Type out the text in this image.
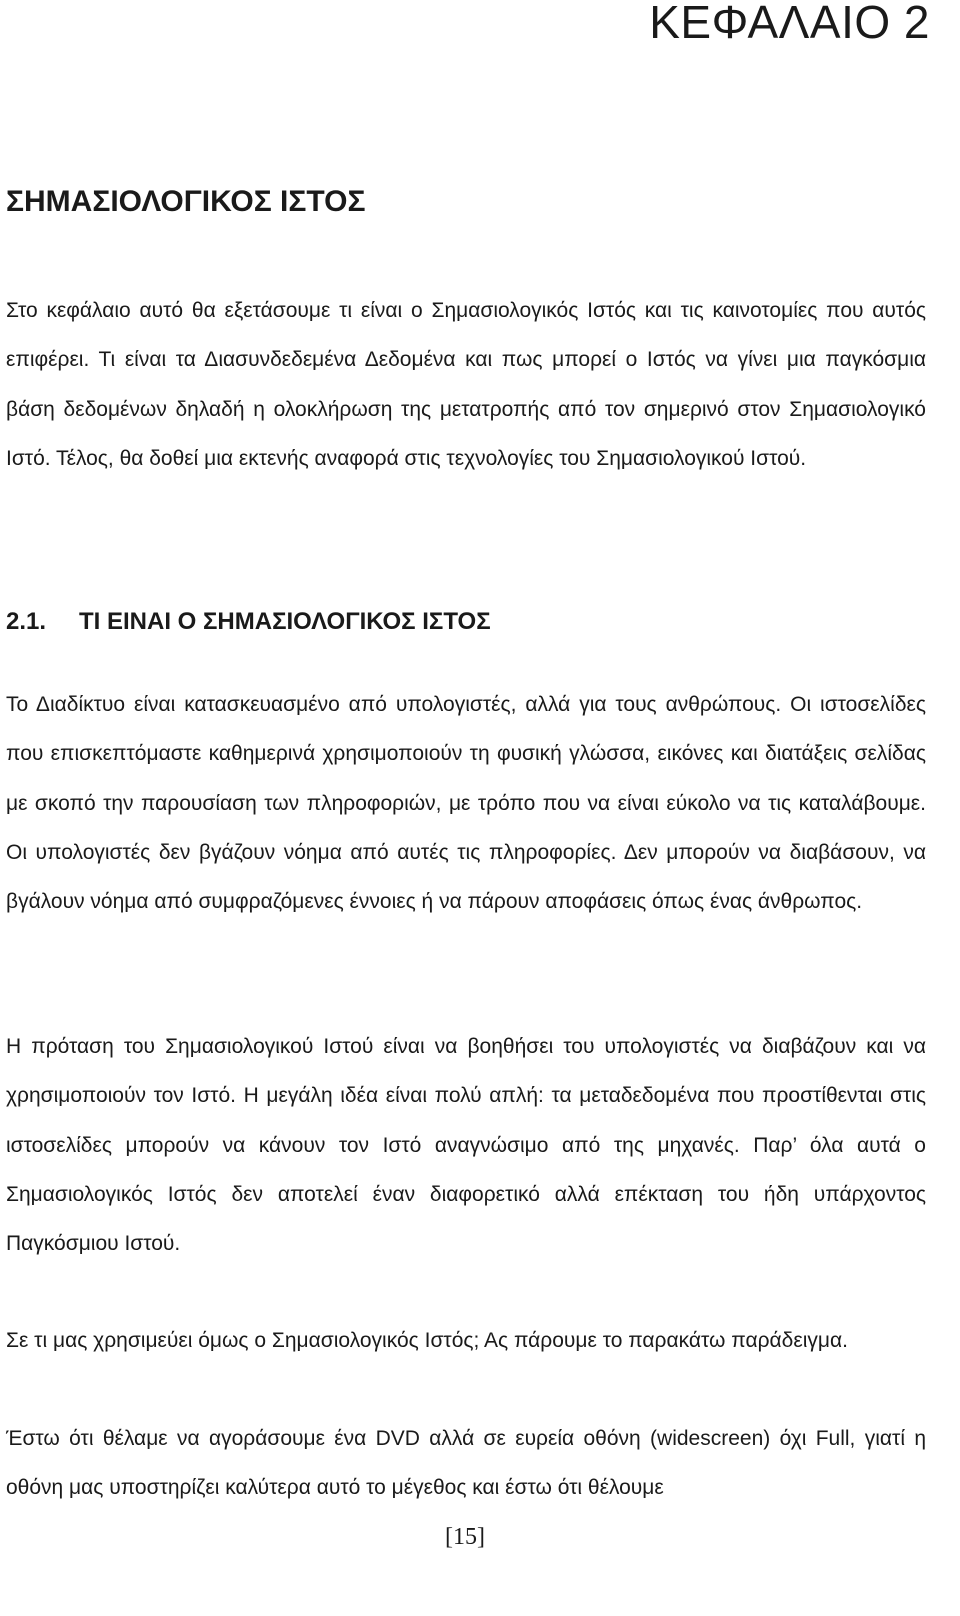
ΚΕΦΑΛΑΙΟ 2
ΣΗΜΑΣΙΟΛΟΓΙΚΟΣ ΙΣΤΟΣ

Στο κεφάλαιο αυτό θα εξετάσουμε τι είναι ο Σημασιολογικός Ιστός και τις καινοτομίες που αυτός επιφέρει. Τι είναι τα Διασυνδεδεμένα Δεδομένα και πως μπορεί ο Ιστός να γίνει μια παγκόσμια βάση δεδομένων δηλαδή η ολοκλήρωση της μετατροπής από τον σημερινό στον Σημασιολογικό Ιστό. Τέλος, θα δοθεί μια εκτενής αναφορά στις τεχνολογίες του Σημασιολογικού Ιστού.

2.1.	ΤΙ ΕΙΝΑΙ Ο ΣΗΜΑΣΙΟΛΟΓΙΚΟΣ ΙΣΤΟΣ

Το Διαδίκτυο είναι κατασκευασμένο από υπολογιστές, αλλά για τους ανθρώπους. Οι ιστοσελίδες που επισκεπτόμαστε καθημερινά χρησιμοποιούν τη φυσική γλώσσα, εικόνες και διατάξεις σελίδας με σκοπό την παρουσίαση των πληροφοριών, με τρόπο που να είναι εύκολο να τις καταλάβουμε. Οι υπολογιστές δεν βγάζουν νόημα από αυτές τις πληροφορίες. Δεν μπορούν να διαβάσουν, να βγάλουν νόημα από συμφραζόμενες έννοιες ή να πάρουν αποφάσεις όπως ένας άνθρωπος.

Η πρόταση του Σημασιολογικού Ιστού είναι να βοηθήσει του υπολογιστές να διαβάζουν και να χρησιμοποιούν τον Ιστό. Η μεγάλη ιδέα είναι πολύ απλή: τα μεταδεδομένα που προστίθενται στις ιστοσελίδες μπορούν να κάνουν τον Ιστό αναγνώσιμο από της μηχανές. Παρ’ όλα αυτά ο Σημασιολογικός Ιστός δεν αποτελεί έναν διαφορετικό αλλά επέκταση του ήδη υπάρχοντος Παγκόσμιου Ιστού.

Σε τι μας χρησιμεύει όμως ο Σημασιολογικός Ιστός; Ας πάρουμε το παρακάτω παράδειγμα.

Έστω ότι θέλαμε να αγοράσουμε ένα DVD αλλά σε ευρεία οθόνη (widescreen) όχι Full, γιατί η οθόνη μας υποστηρίζει καλύτερα αυτό το μέγεθος και έστω ότι θέλουμε

[15]
